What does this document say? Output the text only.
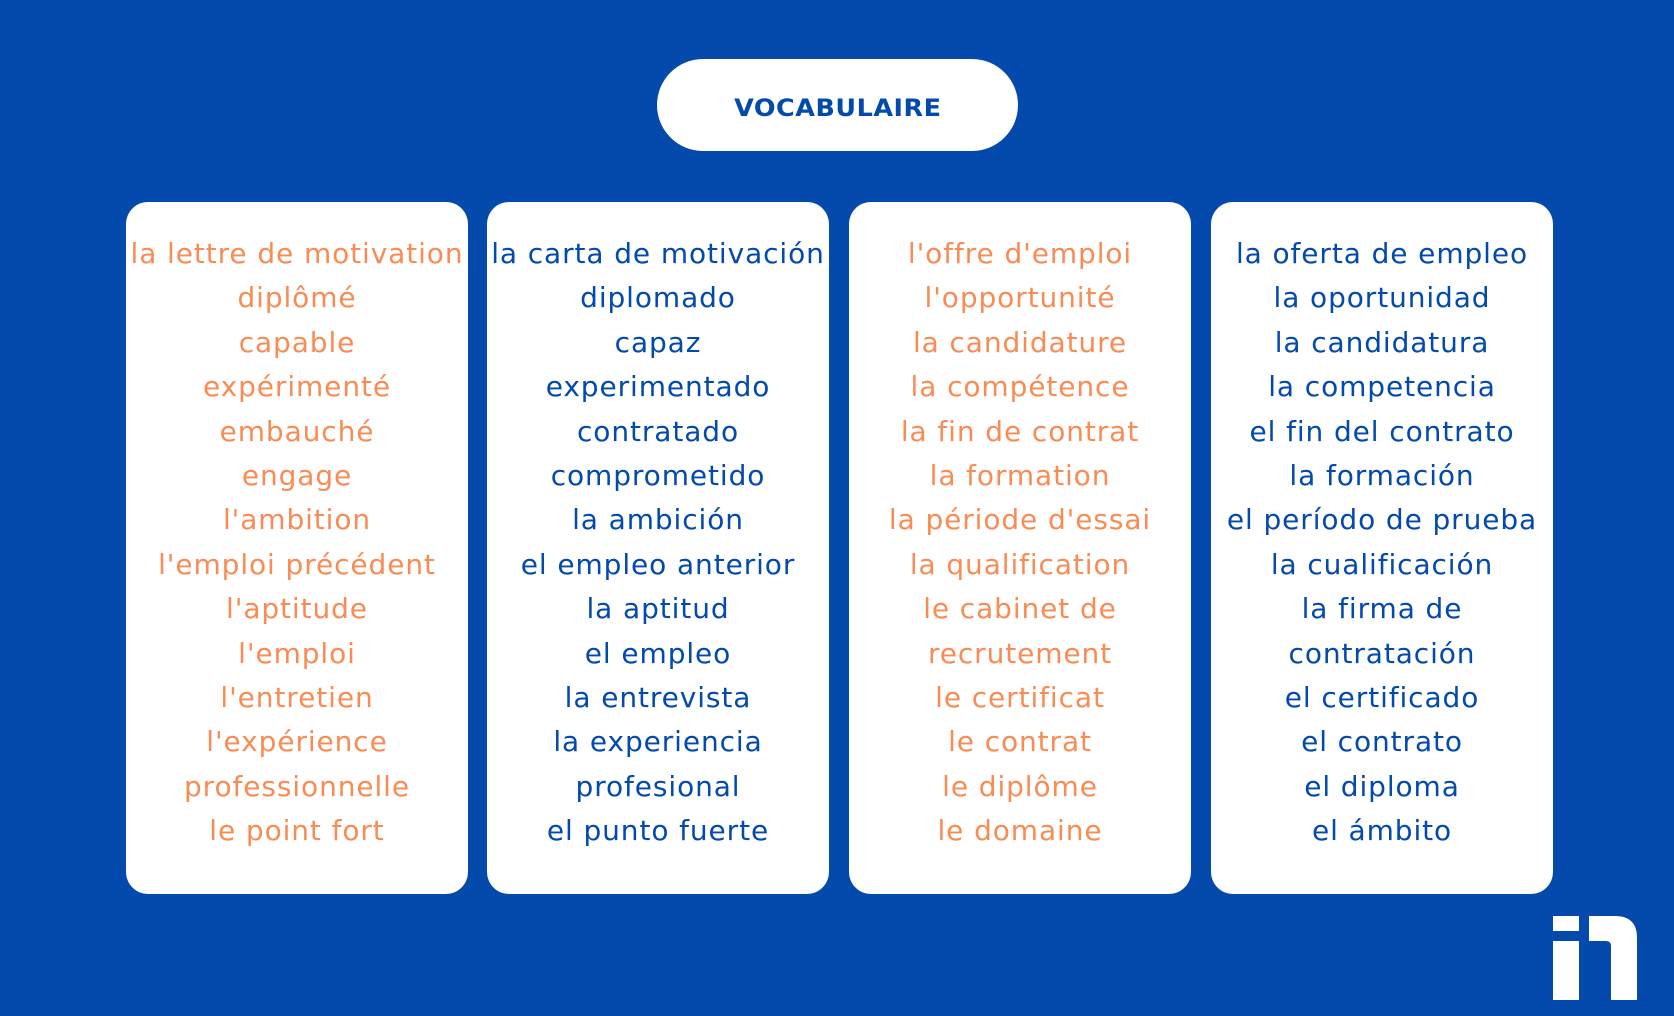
VOCABULAIRE
la lettre de motivation
diplômé
capable
expérimenté
embauché
engage
l'ambition
l'emploi précédent
l'aptitude
l'emploi
l'entretien
l'expérience
professionnelle
le point fort
la carta de motivación
diplomado
capaz
experimentado
contratado
comprometido
la ambición
el empleo anterior
la aptitud
el empleo
la entrevista
la experiencia
profesional
el punto fuerte
l'offre d'emploi
l'opportunité
la candidature
la compétence
la fin de contrat
la formation
la période d'essai
la qualification
le cabinet de
recrutement
le certificat
le contrat
le diplôme
le domaine
la oferta de empleo
la oportunidad
la candidatura
la competencia
el fin del contrato
la formación
el período de prueba
la cualificación
la firma de
contratación
el certificado
el contrato
el diploma
el ámbito
